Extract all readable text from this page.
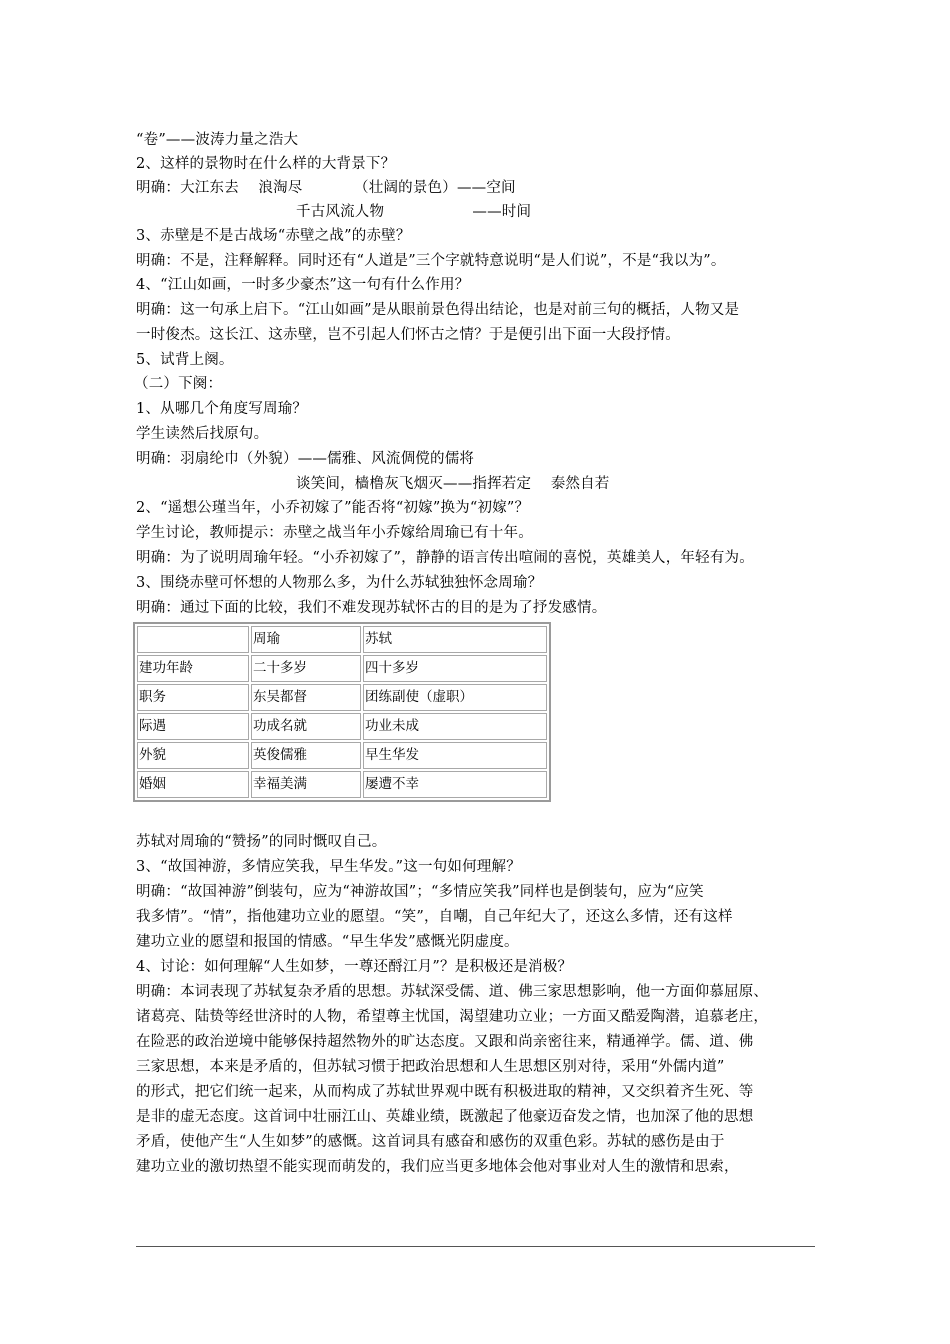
“卷”——波涛力量之浩大
2、这样的景物时在什么样的大背景下？
明确：大江东去　 浪淘尽　　　　（壮阔的景色）——空间
千古风流人物　　　　　　——时间
3、赤壁是不是古战场“赤壁之战”的赤壁？
明确：不是，注释解释。同时还有“人道是”三个字就特意说明“是人们说”，不是“我以为”。
4、“江山如画，一时多少豪杰”这一句有什么作用？
明确：这一句承上启下。“江山如画”是从眼前景色得出结论，也是对前三句的概括，人物又是
一时俊杰。这长江、这赤壁，岂不引起人们怀古之情？于是便引出下面一大段抒情。
5、试背上阕。
（二）下阕：
1、从哪几个角度写周瑜？
学生读然后找原句。
明确：羽扇纶巾（外貌）——儒雅、风流倜傥的儒将
谈笑间，樯橹灰飞烟灭——指挥若定　 泰然自若
2、“遥想公瑾当年，小乔初嫁了”能否将“初嫁”换为“初嫁”？
学生讨论，教师提示：赤壁之战当年小乔嫁给周瑜已有十年。
明确：为了说明周瑜年轻。“小乔初嫁了”，静静的语言传出喧闹的喜悦，英雄美人，年轻有为。
3、围绕赤壁可怀想的人物那么多，为什么苏轼独独怀念周瑜？
明确：通过下面的比较，我们不难发现苏轼怀古的目的是为了抒发感情。
	周瑜	苏轼
建功年龄	二十多岁	四十多岁
职务	东吴都督	团练副使（虚职）
际遇	功成名就	功业未成
外貌	英俊儒雅	早生华发
婚姻	幸福美满	屡遭不幸
苏轼对周瑜的“赞扬”的同时慨叹自己。
3、“故国神游，多情应笑我，早生华发。”这一句如何理解？
明确：“故国神游”倒装句，应为“神游故国”；“多情应笑我”同样也是倒装句，应为“应笑
我多情”。“情”，指他建功立业的愿望。“笑”，自嘲，自己年纪大了，还这么多情，还有这样
建功立业的愿望和报国的情感。“早生华发”感慨光阴虚度。
4、讨论：如何理解“人生如梦，一尊还酹江月”？是积极还是消极？
明确：本词表现了苏轼复杂矛盾的思想。苏轼深受儒、道、佛三家思想影响，他一方面仰慕屈原、
诸葛亮、陆贽等经世济时的人物，希望尊主忧国，渴望建功立业；一方面又酷爱陶潜，追慕老庄，
在险恶的政治逆境中能够保持超然物外的旷达态度。又跟和尚亲密往来，精通禅学。儒、道、佛
三家思想，本来是矛盾的，但苏轼习惯于把政治思想和人生思想区别对待，采用“外儒内道”
的形式，把它们统一起来，从而构成了苏轼世界观中既有积极进取的精神，又交织着齐生死、等
是非的虚无态度。这首词中壮丽江山、英雄业绩，既激起了他豪迈奋发之情，也加深了他的思想
矛盾，使他产生“人生如梦”的感慨。这首词具有感奋和感伤的双重色彩。苏轼的感伤是由于
建功立业的激切热望不能实现而萌发的，我们应当更多地体会他对事业对人生的激情和思索，
